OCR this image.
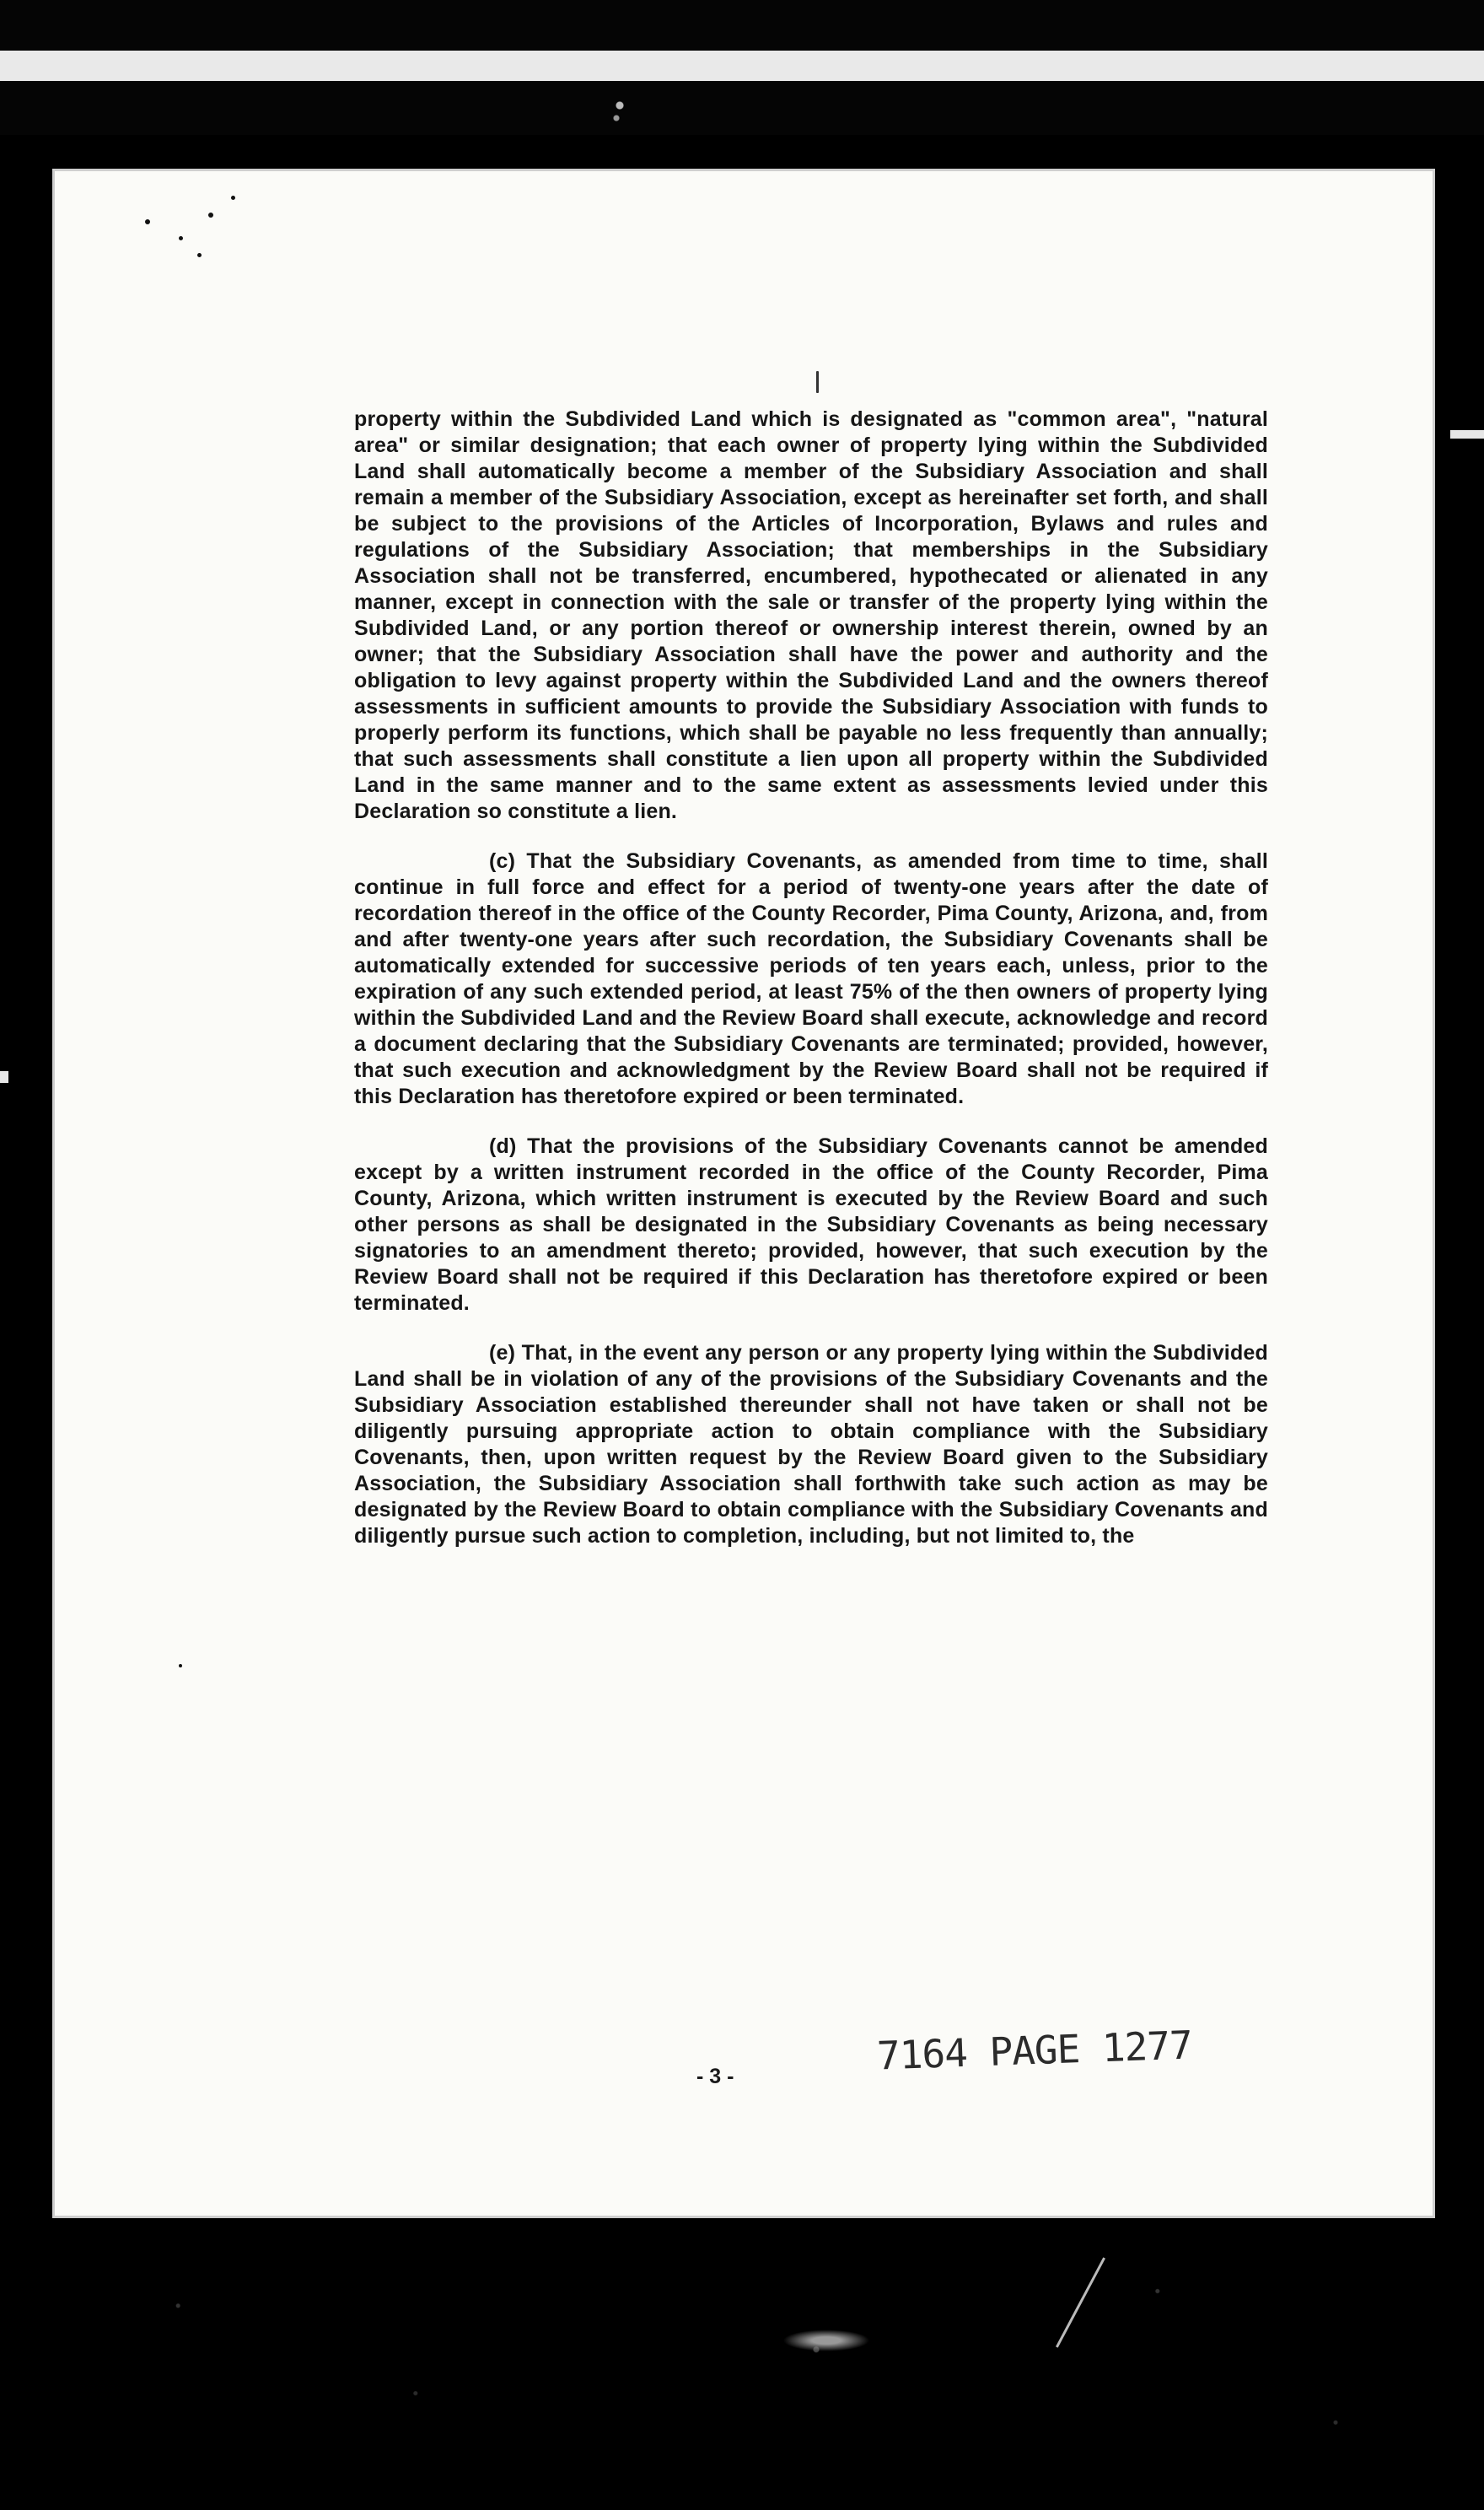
property within the Subdivided Land which is designated as "common area", "natural area" or similar designation; that each owner of property lying within the Subdivided Land shall automatically become a member of the Subsidiary Association and shall remain a member of the Subsidiary Association, except as hereinafter set forth, and shall be subject to the provisions of the Articles of Incorporation, Bylaws and rules and regulations of the Subsidiary Association; that memberships in the Subsidiary Association shall not be transferred, encumbered, hypothecated or alienated in any manner, except in connection with the sale or transfer of the property lying within the Subdivided Land, or any portion thereof or ownership interest therein, owned by an owner; that the Subsidiary Association shall have the power and authority and the obligation to levy against property within the Subdivided Land and the owners thereof assessments in sufficient amounts to provide the Subsidiary Association with funds to properly perform its functions, which shall be payable no less frequently than annually; that such assessments shall constitute a lien upon all property within the Subdivided Land in the same manner and to the same extent as assessments levied under this Declaration so constitute a lien.

(c) That the Subsidiary Covenants, as amended from time to time, shall continue in full force and effect for a period of twenty-one years after the date of recordation thereof in the office of the County Recorder, Pima County, Arizona, and, from and after twenty-one years after such recordation, the Subsidiary Covenants shall be automatically extended for successive periods of ten years each, unless, prior to the expiration of any such extended period, at least 75% of the then owners of property lying within the Subdivided Land and the Review Board shall execute, acknowledge and record a document declaring that the Subsidiary Covenants are terminated; provided, however, that such execution and acknowledgment by the Review Board shall not be required if this Declaration has theretofore expired or been terminated.

(d) That the provisions of the Subsidiary Covenants cannot be amended except by a written instrument recorded in the office of the County Recorder, Pima County, Arizona, which written instrument is executed by the Review Board and such other persons as shall be designated in the Subsidiary Covenants as being necessary signatories to an amendment thereto; provided, however, that such execution by the Review Board shall not be required if this Declaration has theretofore expired or been terminated.

(e) That, in the event any person or any property lying within the Subdivided Land shall be in violation of any of the provisions of the Subsidiary Covenants and the Subsidiary Association established thereunder shall not have taken or shall not be diligently pursuing appropriate action to obtain compliance with the Subsidiary Covenants, then, upon written request by the Review Board given to the Subsidiary Association, the Subsidiary Association shall forthwith take such action as may be designated by the Review Board to obtain compliance with the Subsidiary Covenants and diligently pursue such action to completion, including, but not limited to, the

- 3 -	7164 PAGE 1277
